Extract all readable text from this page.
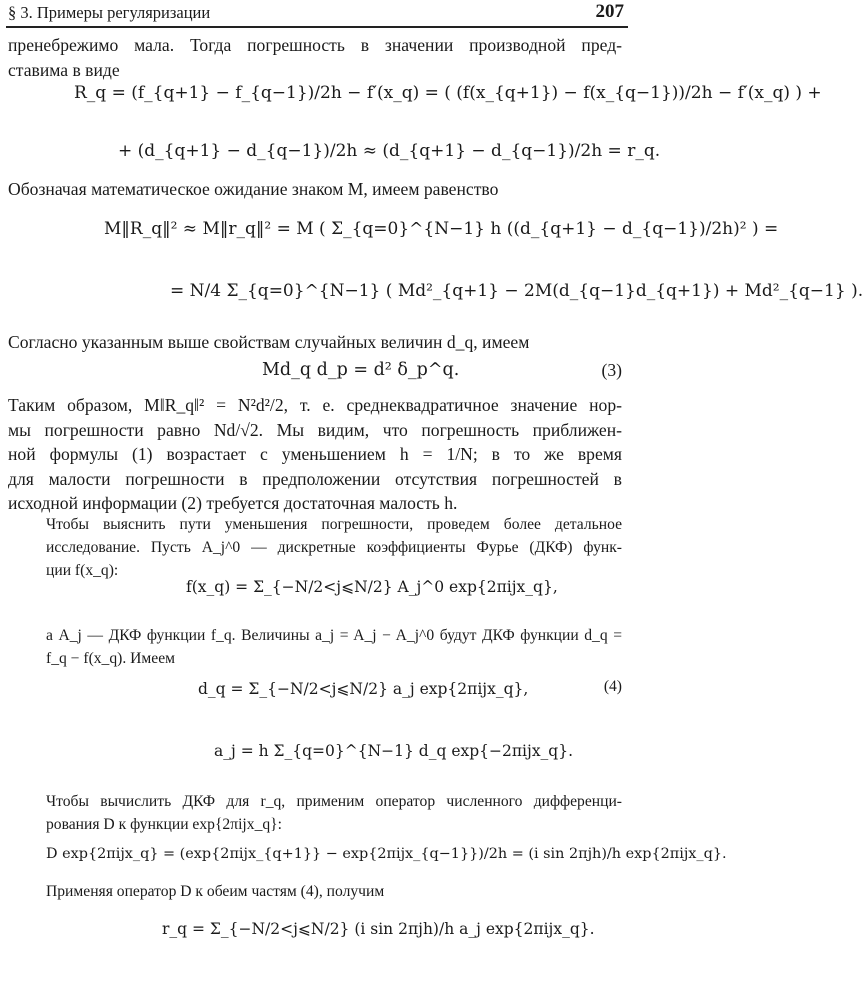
§ 3. Примеры регуляризации	207
пренебрежимо мала. Тогда погрешность в значении производной пред-
ставима в виде
R_q = (f_{q+1} − f_{q−1})/2h − f′(x_q) = ( (f(x_{q+1}) − f(x_{q−1}))/2h − f′(x_q) ) +
+ (d_{q+1} − d_{q−1})/2h ≈ (d_{q+1} − d_{q−1})/2h = r_q.
Обозначая математическое ожидание знаком M, имеем равенство
M‖R_q‖² ≈ M‖r_q‖² = M ( Σ_{q=0}^{N−1} h ((d_{q+1} − d_{q−1})/2h)² ) =
= N/4 Σ_{q=0}^{N−1} ( Md²_{q+1} − 2M(d_{q−1}d_{q+1}) + Md²_{q−1} ).
Согласно указанным выше свойствам случайных величин d_q, имеем
Md_q d_p = d² δ_p^q.	(3)
Таким образом, M‖R_q‖² = N²d²/2, т. е. среднеквадратичное значение нор-
мы погрешности равно Nd/√2. Мы видим, что погрешность приближен-
ной формулы (1) возрастает с уменьшением h = 1/N; в то же время
для малости погрешности в предположении отсутствия погрешностей в
исходной информации (2) требуется достаточная малость h.
Чтобы выяснить пути уменьшения погрешности, проведем более детальное
исследование. Пусть A_j^0 — дискретные коэффициенты Фурье (ДКФ) функ-
ции f(x_q):
f(x_q) = Σ_{−N/2<j⩽N/2} A_j^0 exp{2πijx_q},
а A_j — ДКФ функции f_q. Величины a_j = A_j − A_j^0 будут ДКФ функции d_q =
f_q − f(x_q). Имеем
d_q = Σ_{−N/2<j⩽N/2} a_j exp{2πijx_q},	(4)
a_j = h Σ_{q=0}^{N−1} d_q exp{−2πijx_q}.
Чтобы вычислить ДКФ для r_q, применим оператор численного дифференци-
рования D к функции exp{2πijx_q}:
D exp{2πijx_q} = (exp{2πijx_{q+1}} − exp{2πijx_{q−1}})/2h = (i sin 2πjh)/h exp{2πijx_q}.
Применяя оператор D к обеим частям (4), получим
r_q = Σ_{−N/2<j⩽N/2} (i sin 2πjh)/h a_j exp{2πijx_q}.
